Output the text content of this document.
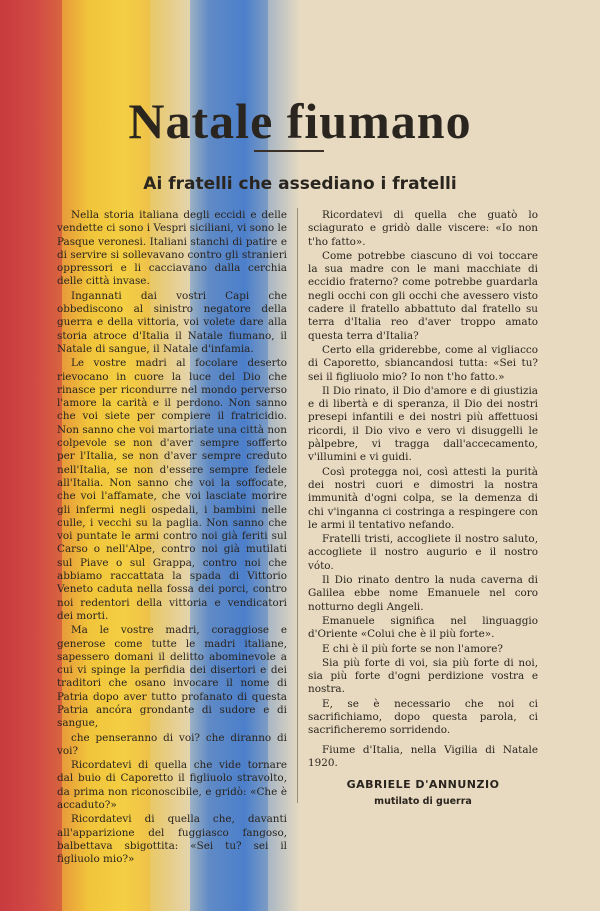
Natale fiumano
Ai fratelli che assediano i fratelli

Nella storia italiana degli eccidi e delle vendette ci sono i Vespri siciliani, vi sono le Pasque veronesi. Italiani stanchi di patire e di servire si sollevavano contro gli stranieri oppressori e li cacciavano dalla cerchia delle città invase.

Ingannati dai vostri Capi che obbediscono al sinistro negatore della guerra e della vittoria, voi volete dare alla storia atroce d'Italia il Natale fiumano, il Natale di sangue, il Natale d'infamia.

Le vostre madri al focolare deserto rievocano in cuore la luce del Dio che rinasce per ricondurre nel mondo perverso l'amore la carità e il perdono. Non sanno che voi siete per compiere il fratricidio. Non sanno che voi martoriate una città non colpevole se non d'aver sempre sofferto per l'Italia, se non d'aver sempre creduto nell'Italia, se non d'essere sempre fedele all'Italia. Non sanno che voi la soffocate, che voi l'affamate, che voi lasciate morire gli infermi negli ospedali, i bambini nelle culle, i vecchi su la paglia. Non sanno che voi puntate le armi contro noi già feriti sul Carso o nell'Alpe, contro noi già mutilati sul Piave o sul Grappa, contro noi che abbiamo raccattata la spada di Vittorio Veneto caduta nella fossa dei porci, contro noi redentori della vittoria e vendicatori dei morti.

Ma le vostre madri, coraggiose e generose come tutte le madri italiane, sapessero domani il delitto abominevole a cui vi spinge la perfidia dei disertori e dei traditori che osano invocare il nome di Patria dopo aver tutto profanato di questa Patria ancóra grondante di sudore e di sangue,

che penseranno di voi? che diranno di voi?

Ricordatevi di quella che vide tornare dal buio di Caporetto il figliuolo stravolto, da prima non riconoscibile, e gridò: «Che è accaduto?»

Ricordatevi di quella che, davanti all'apparizione del fuggiasco fangoso, balbettava sbigottita: «Sei tu? sei il figliuolo mio?»

Ricordatevi di quella che guatò lo sciagurato e gridò dalle viscere: «Io non t'ho fatto».

Come potrebbe ciascuno di voi toccare la sua madre con le mani macchiate di eccidio fraterno? come potrebbe guardarla negli occhi con gli occhi che avessero visto cadere il fratello abbattuto dal fratello su terra d'Italia reo d'aver troppo amato questa terra d'Italia?

Certo ella griderebbe, come al vigliacco di Caporetto, sbiancandosi tutta: «Sei tu? sei il figliuolo mio? Io non t'ho fatto.»

Il Dio rinato, il Dio d'amore e di giustizia e di libertà e di speranza, il Dio dei nostri presepi infantili e dei nostri più affettuosi ricordi, il Dio vivo e vero vi disuggelli le pàlpebre, vi tragga dall'accecamento, v'illumini e vi guidi.

Così protegga noi, così attesti la purità dei nostri cuori e dimostri la nostra immunità d'ogni colpa, se la demenza di chi v'inganna ci costringa a respingere con le armi il tentativo nefando.

Fratelli tristi, accogliete il nostro saluto, accogliete il nostro augurio e il nostro vóto.

Il Dio rinato dentro la nuda caverna di Galilea ebbe nome Emanuele nel coro notturno degli Angeli.

Emanuele significa nel linguaggio d'Oriente «Colui che è il più forte».

E chi è il più forte se non l'amore?

Sia più forte di voi, sia più forte di noi, sia più forte d'ogni perdizione vostra e nostra.

E, se è necessario che noi ci sacrifichiamo, dopo questa parola, ci sacrificheremo sorridendo.

Fiume d'Italia, nella Vigilia di Natale 1920.

GABRIELE D'ANNUNZIO
mutilato di guerra
